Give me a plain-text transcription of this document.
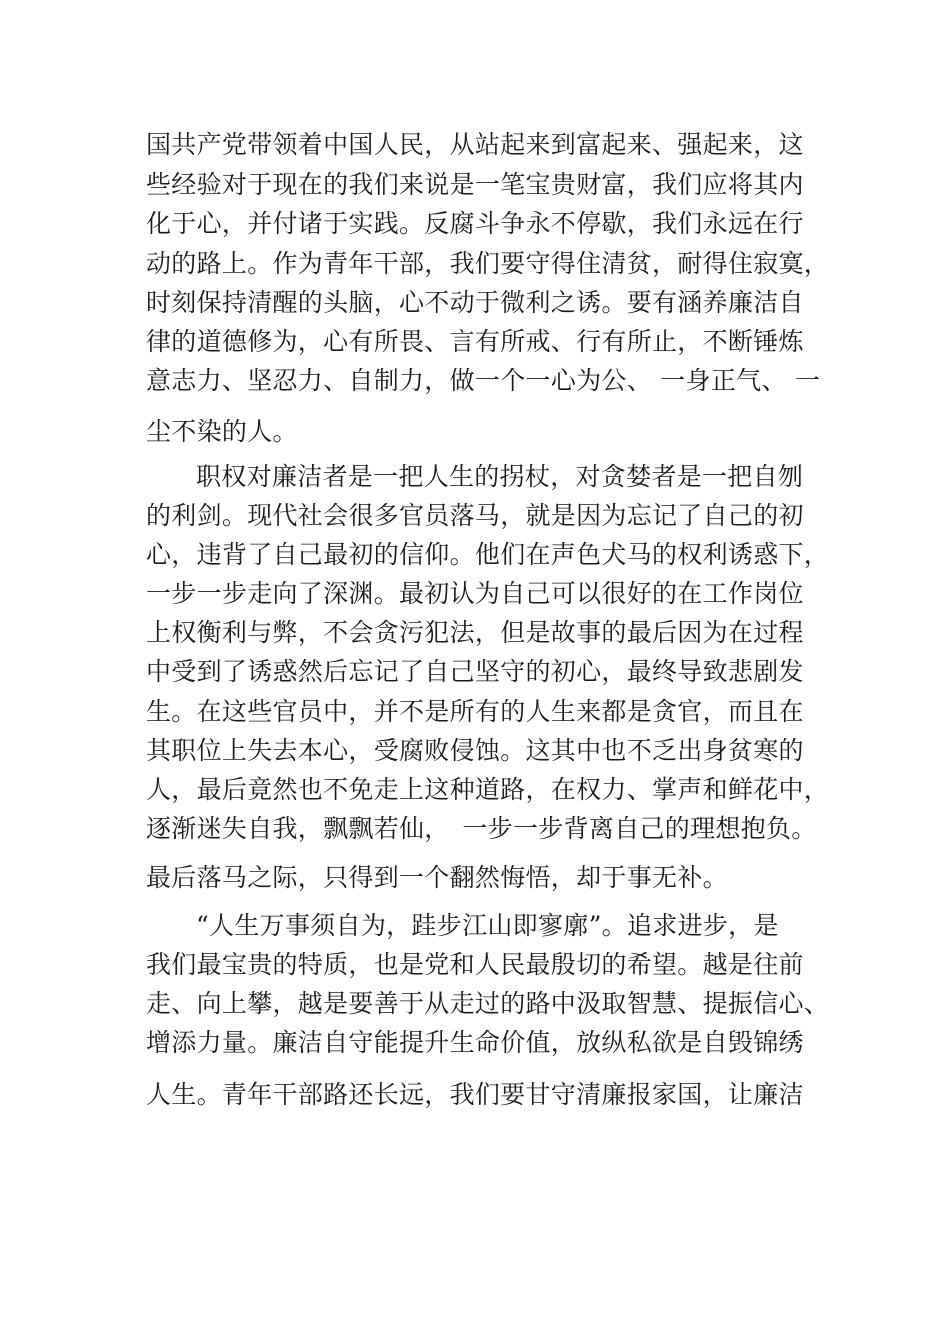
国共产党带领着中国人民，从站起来到富起来、强起来，这
些经验对于现在的我们来说是一笔宝贵财富，我们应将其内
化于心，并付诸于实践。反腐斗争永不停歇，我们永远在行
动的路上。作为青年干部，我们要守得住清贫，耐得住寂寞，
时刻保持清醒的头脑，心不动于微利之诱。要有涵养廉洁自
律的道德修为，心有所畏、言有所戒、行有所止，不断锤炼
意志力、坚忍力、自制力，做一个一心为公、 一身正气、 一
尘不染的人。
职权对廉洁者是一把人生的拐杖，对贪婪者是一把自刎
的利剑。现代社会很多官员落马，就是因为忘记了自己的初
心，违背了自己最初的信仰。他们在声色犬马的权利诱惑下，
一步一步走向了深渊。最初认为自己可以很好的在工作岗位
上权衡利与弊，不会贪污犯法，但是故事的最后因为在过程
中受到了诱惑然后忘记了自己坚守的初心，最终导致悲剧发
生。在这些官员中，并不是所有的人生来都是贪官，而且在
其职位上失去本心，受腐败侵蚀。这其中也不乏出身贫寒的
人，最后竟然也不免走上这种道路，在权力、掌声和鲜花中，
逐渐迷失自我，飘飘若仙，　一步一步背离自己的理想抱负。
最后落马之际，只得到一个翻然悔悟，却于事无补。
“人生万事须自为，跬步江山即寥廓”。追求进步，是
我们最宝贵的特质，也是党和人民最殷切的希望。越是往前
走、向上攀，越是要善于从走过的路中汲取智慧、提振信心、
增添力量。廉洁自守能提升生命价值，放纵私欲是自毁锦绣
人生。青年干部路还长远，我们要甘守清廉报家国，让廉洁
